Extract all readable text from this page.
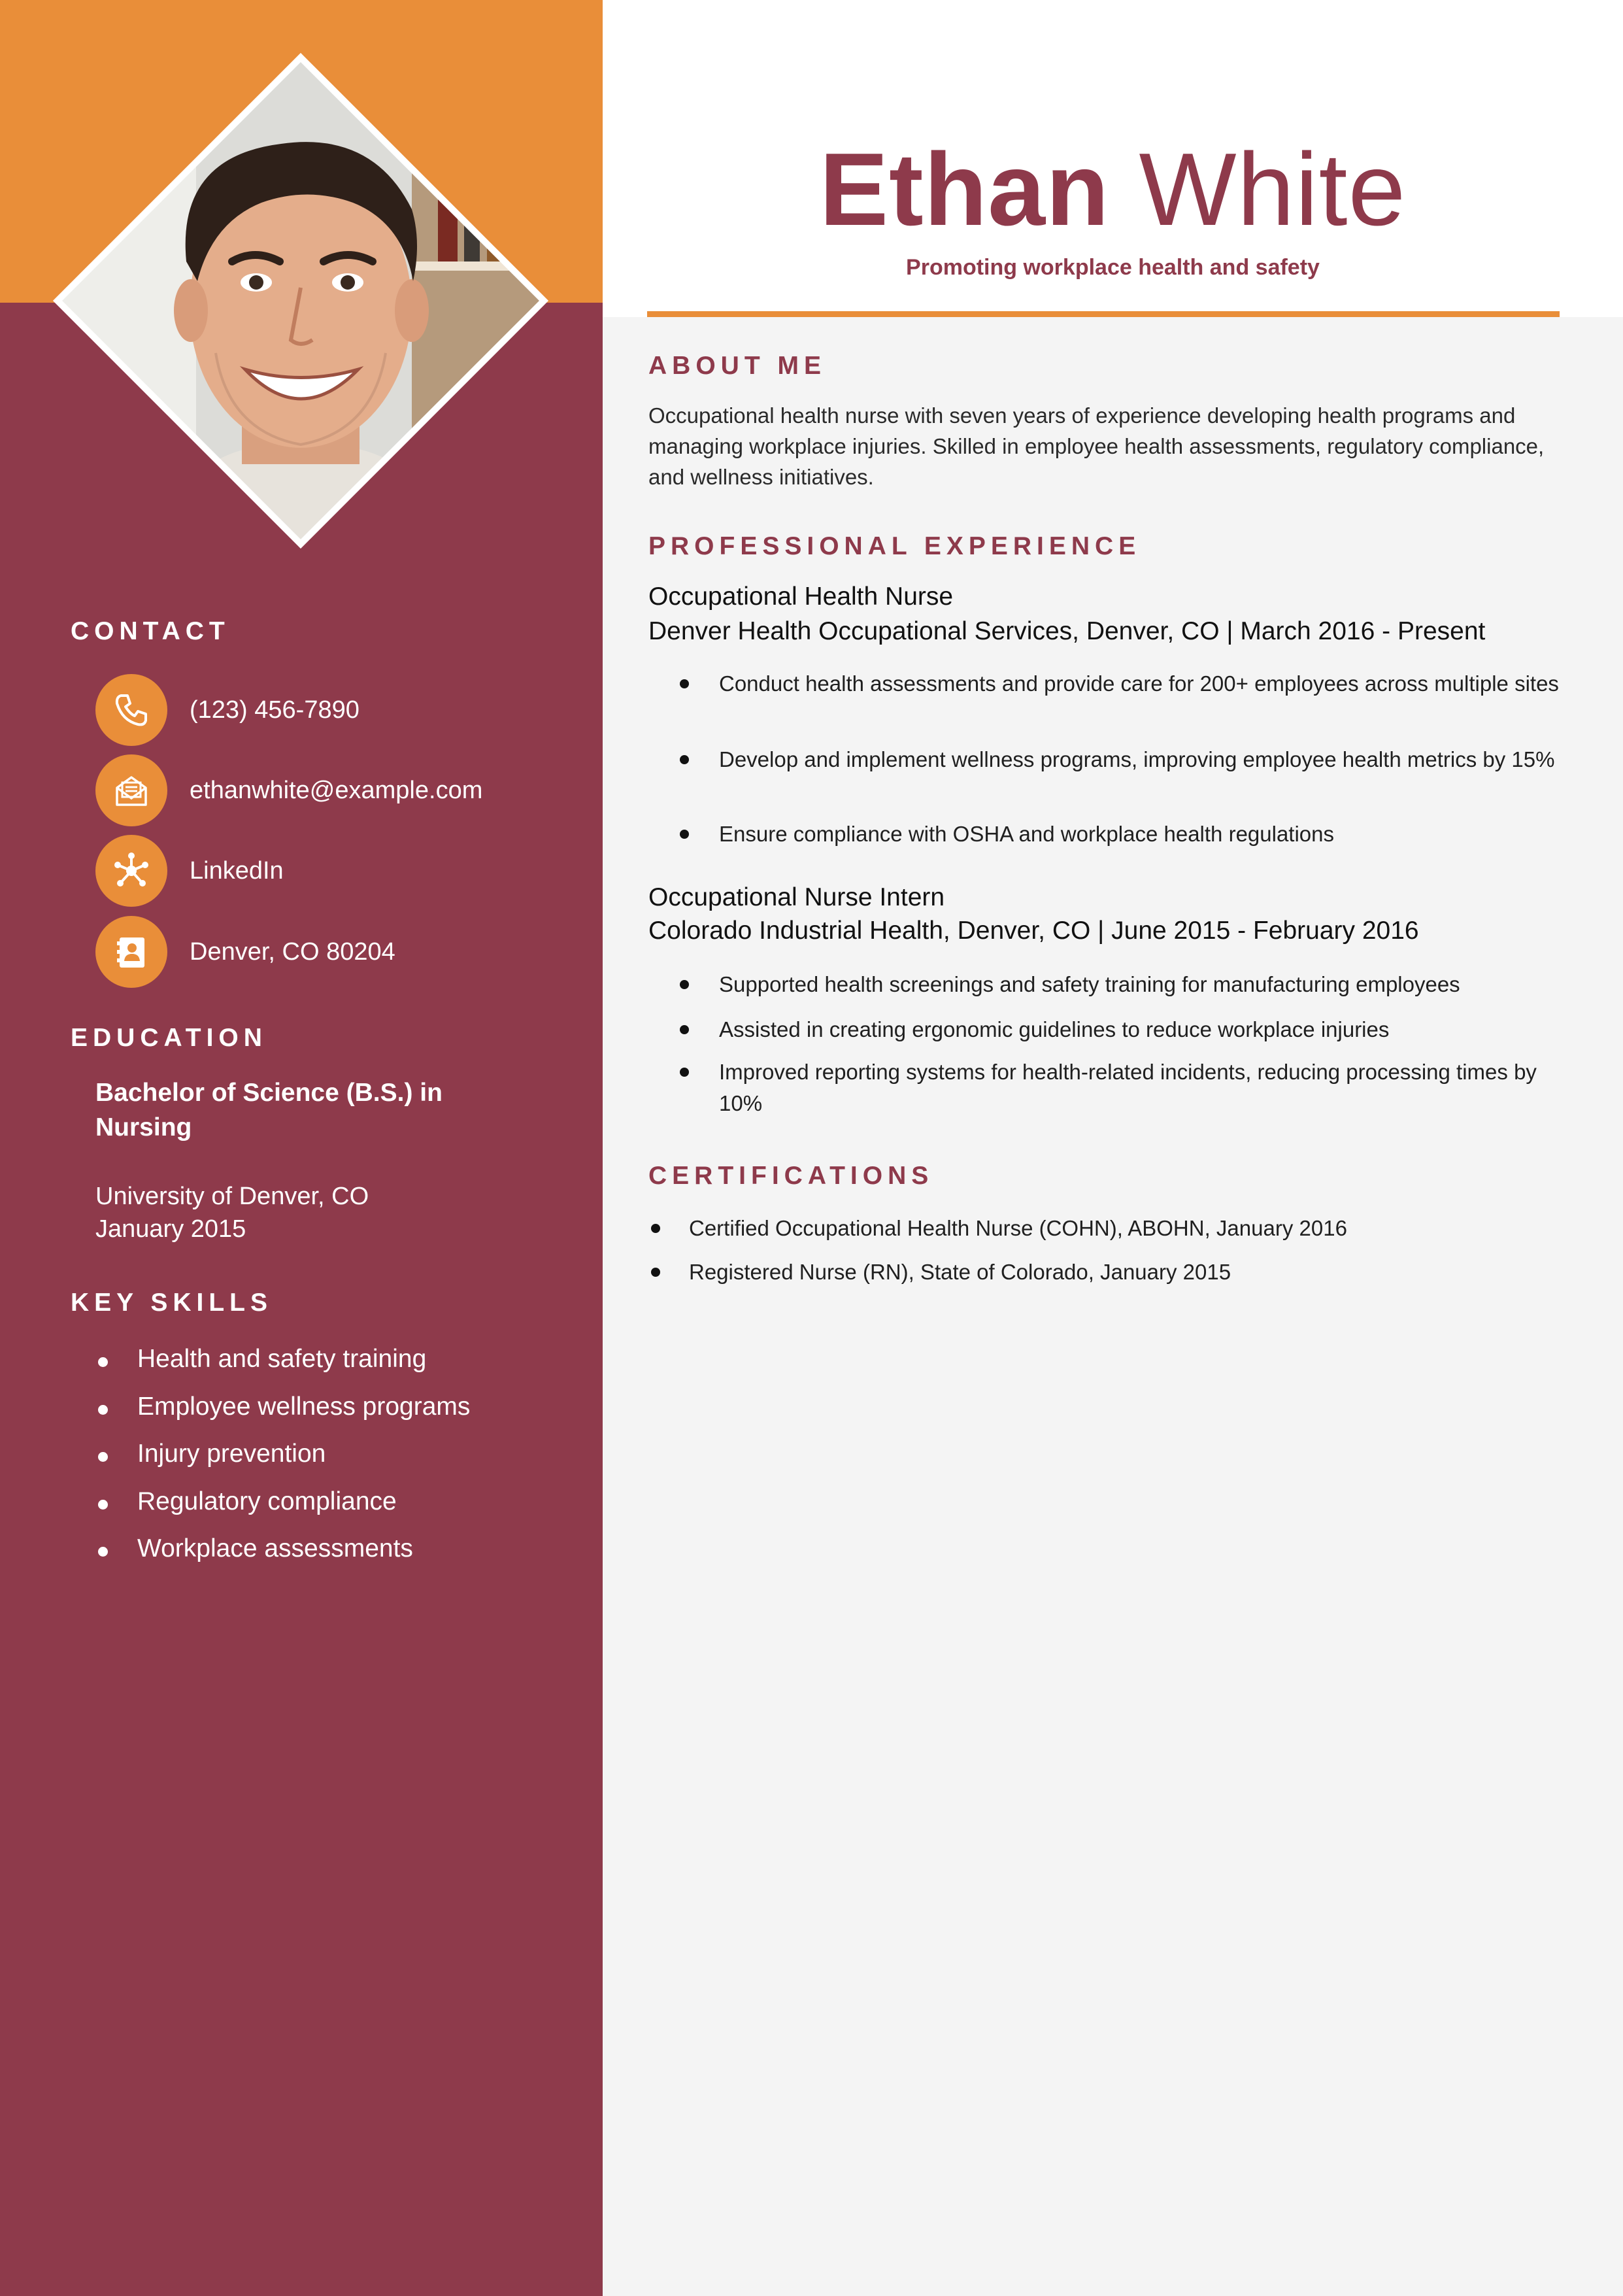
Ethan White
Promoting workplace health and safety
CONTACT
(123) 456-7890
ethanwhite@example.com
LinkedIn
Denver, CO 80204
EDUCATION
Bachelor of Science (B.S.) in Nursing
University of Denver, CO
January 2015
KEY SKILLS
Health and safety training
Employee wellness programs
Injury prevention
Regulatory compliance
Workplace assessments
ABOUT ME
Occupational health nurse with seven years of experience developing health programs and managing workplace injuries. Skilled in employee health assessments, regulatory compliance, and wellness initiatives.
PROFESSIONAL EXPERIENCE
Occupational Health Nurse
Denver Health Occupational Services, Denver, CO | March 2016 - Present
Conduct health assessments and provide care for 200+ employees across multiple sites
Develop and implement wellness programs, improving employee health metrics by 15%
Ensure compliance with OSHA and workplace health regulations
Occupational Nurse Intern
Colorado Industrial Health, Denver, CO | June 2015 - February 2016
Supported health screenings and safety training for manufacturing employees
Assisted in creating ergonomic guidelines to reduce workplace injuries
Improved reporting systems for health-related incidents, reducing processing times by 10%
CERTIFICATIONS
Certified Occupational Health Nurse (COHN), ABOHN, January 2016
Registered Nurse (RN), State of Colorado, January 2015
